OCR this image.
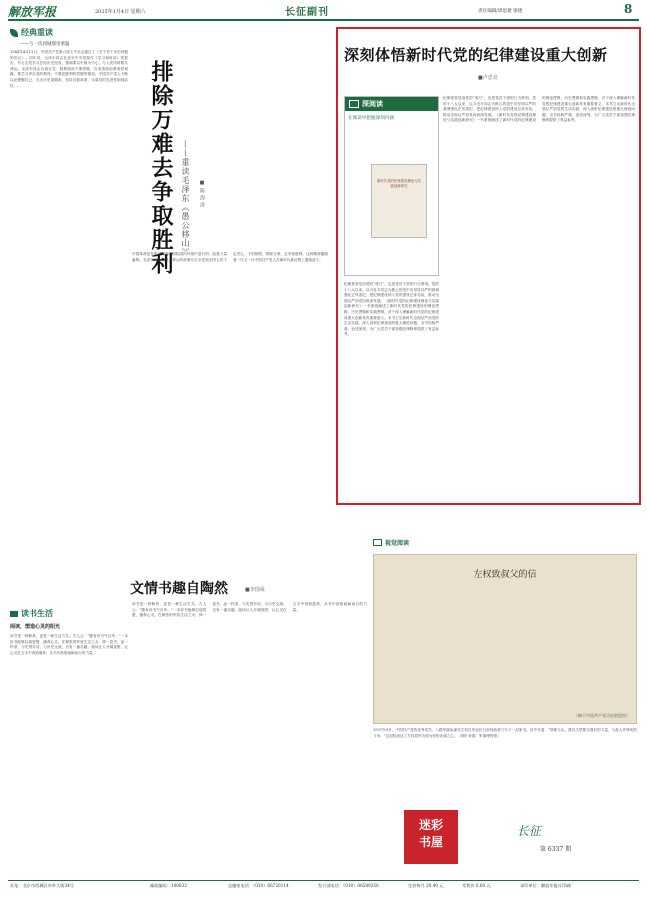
解放军报	2025年1月4日 星期六	长征副刊	责任编辑/周思捷 梁捷	8
经典重读
——与一次同城那里重温
1944年4月12日，中国共产党第六届七中全会通过了《关于若干历史问题的决议》。同年初，毛泽东同志在延安中央党校作《学习和时局》的报告，号召全党学习总结历史经验，强调要以中国为中心，与人民同呼吸共命运。毛泽东同志告诫全党：胜利面前不要骄傲，在成绩面前要戒骄戒躁，要学习李自成的教训，不要犯胜利时骄傲的错误。中国共产党人不断以此警醒自己，走出历史周期率，坚持自我革命，永葆党的先进性和纯洁性……	排除万难去争取胜利 ——重读毛泽东《愚公移山》 ■陈海涛
中国革命是在极其艰难的国际国内环境中进行的，敌我力量悬殊。毛泽东同志以愚公移山的故事号召全党和全国人民下定决心，不怕牺牲，排除万难，去争取胜利。这种精神激励着一代又一代中国共产党人在新时代新征程上继续奋斗。
深刻体悟新时代党的纪律建设重大创新
■卢忠亮
深阅读
在阅读中把握深刻内涵
新时代党的纪律建设理论与实践创新研究
纪律是管党治党的“戒尺”，也是党员干部的行为准则。党的十八大以来，以习近平同志为核心的党中央坚持以严的基调强化正风肃纪，把纪律建设纳入党的建设总体布局，推动全面从严治党向纵深发展。《新时代党的纪律建设理论与实践创新研究》一书系统阐述了新时代党的纪律建设的理论逻辑、历史逻辑和实践逻辑，对于深入理解新时代党的纪律建设重大创新具有重要意义。本书立足新时代全面从严治党的生动实践，深入剖析纪律建设的重大理论问题，全书结构严谨、论述深刻，为广大党员干部加强纪律修养提供了有益参考。
纪律是管党治党的“戒尺”，也是党员干部的行为准则。党的十八大以来，以习近平同志为核心的党中央坚持以严的基调强化正风肃纪，把纪律建设纳入党的建设总体布局，推动全面从严治党向纵深发展。《新时代党的纪律建设理论与实践创新研究》一书系统阐述了新时代党的纪律建设的理论逻辑、历史逻辑和实践逻辑，对于深入理解新时代党的纪律建设重大创新具有重要意义。本书立足新时代全面从严治党的生动实践，深入剖析纪律建设的重大理论问题，全书结构严谨、论述深刻，为广大党员干部加强纪律修养提供了有益参考。
文情书趣自陶然	■李国成
读书生活
阅读，塑造心灵的阳光
读书是一种修养，更是一种生活方式。古人云：“腹有诗书气自华。”一本好书能够启迪智慧，涵养心灵。在紧张的军营生活之余，捧一卷书，品一杯茶，与先贤对话，与历史交流，自有一番乐趣。阅读让人开阔视野，让心灵在文字中得到滋养，从书中汲取砥砺前行的力量。
读书是一种修养，更是一种生活方式。古人云：“腹有诗书气自华。”一本好书能够启迪智慧，涵养心灵。在紧张的军营生活之余，捧一卷书，品一杯茶，与先贤对话，与历史交流，自有一番乐趣。阅读让人开阔视野，让心灵在文字中得到滋养，从书中汲取砥砺前行的力量。
视觉阅读
左权致叔父的信
（摘于中国共产党历史展览馆）
1937年9月，中国共产党的优秀党员、八路军副参谋长左权在华北抗日前线给叔父写下一封家书。信中写道：“国难当头，我们当然要尽我们的力量，与敌人作殊死的斗争。”这封信表达了左权将军为国为民的赤诚之心。（图片来源：军事博物馆）
迷彩
书屋
长征
第 6337 期
社址：北京市西城区阜外大街34号	邮政编码：100832	总编室电话：（010）66720114	发行部电话：（010）66589350	定价每月 20.40 元	零售价 0.60 元	承印单位：解放军报社印刷厂
